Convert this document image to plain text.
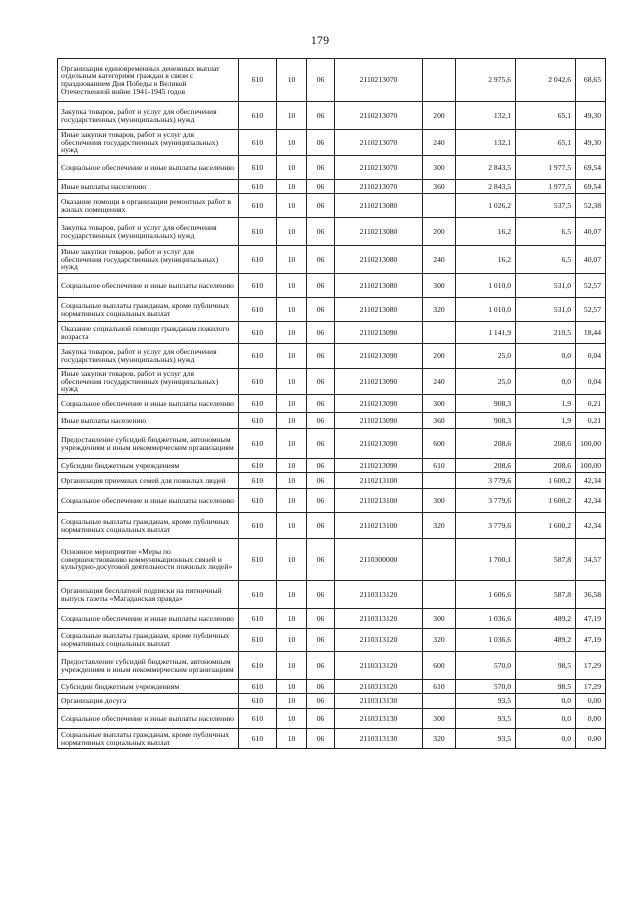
179
Организация единовременных денежных выплат отдельным категориям граждан в связи с празднованием Дня Победы в Великой Отечественной войне 1941-1945 годов	610	10	06	2110213070		2 975,6	2 042,6	68,65
Закупка товаров, работ и услуг для обеспечения государственных (муниципальных) нужд	610	10	06	2110213070	200	132,1	65,1	49,30
Иные закупки товаров, работ и услуг для обеспечения государственных (муниципальных) нужд	610	10	06	2110213070	240	132,1	65,1	49,30
Социальное обеспечение и иные выплаты населению	610	10	06	2110213070	300	2 843,5	1 977,5	69,54
Иные выплаты населению	610	10	06	2110213070	360	2 843,5	1 977,5	69,54
Оказание помощи в организации ремонтных работ в жилых помещениях	610	10	06	2110213080		1 026,2	537,5	52,38
Закупка товаров, работ и услуг для обеспечения государственных (муниципальных) нужд	610	10	06	2110213080	200	16,2	6,5	40,07
Иные закупки товаров, работ и услуг для обеспечения государственных (муниципальных) нужд	610	10	06	2110213080	240	16,2	6,5	40,07
Социальное обеспечение и иные выплаты населению	610	10	06	2110213080	300	1 010,0	531,0	52,57
Социальные выплаты гражданам, кроме публичных нормативных социальных выплат	610	10	06	2110213080	320	1 010,0	531,0	52,57
Оказание социальной помощи гражданам пожилого возраста	610	10	06	2110213090		1 141,9	210,5	18,44
Закупка товаров, работ и услуг для обеспечения государственных (муниципальных) нужд	610	10	06	2110213090	200	25,0	0,0	0,04
Иные закупки товаров, работ и услуг для обеспечения государственных (муниципальных) нужд	610	10	06	2110213090	240	25,0	0,0	0,04
Социальное обеспечение и иные выплаты населению	610	10	06	2110213090	300	908,3	1,9	0,21
Иные выплаты населению	610	10	06	2110213090	360	908,3	1,9	0,21
Предоставление субсидий бюджетным, автономным учреждениям и иным некоммерческим организациям	610	10	06	2110213090	600	208,6	208,6	100,00
Субсидии бюджетным учреждениям	610	10	06	2110213090	610	208,6	208,6	100,00
Организация приемных семей для пожилых людей	610	10	06	2110213100		3 779,6	1 600,2	42,34
Социальное обеспечение и иные выплаты населению	610	10	06	2110213100	300	3 779,6	1 600,2	42,34
Социальные выплаты гражданам, кроме публичных нормативных социальных выплат	610	10	06	2110213100	320	3 779,6	1 600,2	42,34
Основное мероприятие «Меры по совершенствованию коммуникационных связей и культурно-досуговой деятельности пожилых людей»	610	10	06	2110300000		1 700,1	587,8	34,57
Организация бесплатной подписки на пятничный выпуск газеты «Магаданская правда»	610	10	06	2110313120		1 606,6	587,8	36,58
Социальное обеспечение и иные выплаты населению	610	10	06	2110313120	300	1 036,6	489,2	47,19
Социальные выплаты гражданам, кроме публичных нормативных социальных выплат	610	10	06	2110313120	320	1 036,6	489,2	47,19
Предоставление субсидий бюджетным, автономным учреждениям и иным некоммерческим организациям	610	10	06	2110313120	600	570,0	98,5	17,29
Субсидии бюджетным учреждениям	610	10	06	2110313120	610	570,0	98,5	17,29
Организация досуга	610	10	06	2110313130		93,5	0,0	0,00
Социальное обеспечение и иные выплаты населению	610	10	06	2110313130	300	93,5	0,0	0,00
Социальные выплаты гражданам, кроме публичных нормативных социальных выплат	610	10	06	2110313130	320	93,5	0,0	0,00
